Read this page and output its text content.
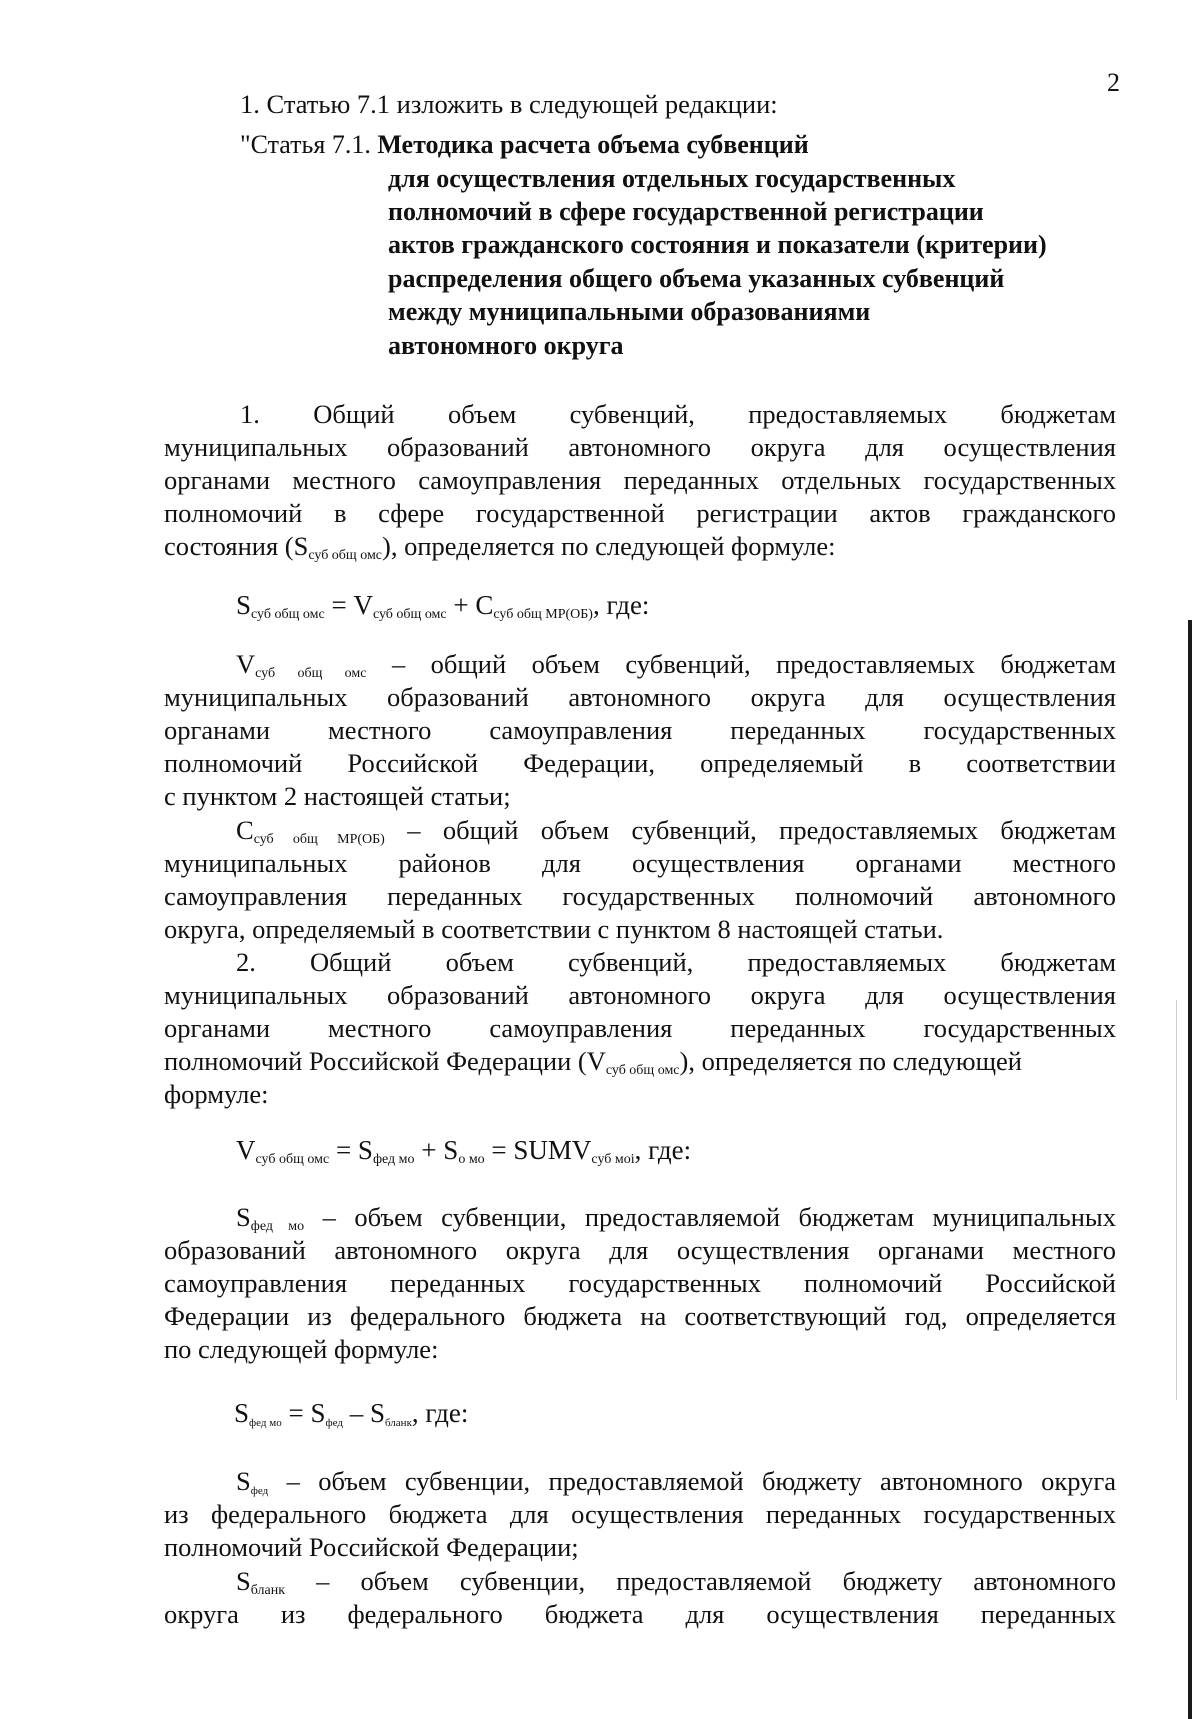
2
1. Статью 7.1 изложить в следующей редакции:
"Статья 7.1. Методика расчета объема субвенций
для осуществления отдельных государственных
полномочий в сфере государственной регистрации
актов гражданского состояния и показатели (критерии)
распределения общего объема указанных субвенций
между муниципальными образованиями
автономного округа
1. Общий объем субвенций, предоставляемых бюджетам
муниципальных образований автономного округа для осуществления
органами местного самоуправления переданных отдельных государственных
полномочий в сфере государственной регистрации актов гражданского
состояния $(S_{суб общ омс})$, определяется по следующей формуле:
$S_{суб общ омс} = V_{суб общ омс} + C_{суб общ МР(ОБ)}$, где:
$V_{суб общ омс}$ – общий объем субвенций, предоставляемых бюджетам
муниципальных образований автономного округа для осуществления
органами местного самоуправления переданных государственных
полномочий Российской Федерации, определяемый в соответствии
с пунктом 2 настоящей статьи;
$C_{суб общ МР(ОБ)}$ – общий объем субвенций, предоставляемых бюджетам
муниципальных районов для осуществления органами местного
самоуправления переданных государственных полномочий автономного
округа, определяемый в соответствии с пунктом 8 настоящей статьи.
2. Общий объем субвенций, предоставляемых бюджетам
муниципальных образований автономного округа для осуществления
органами местного самоуправления переданных государственных
полномочий Российской Федерации $(V_{суб общ омс})$, определяется по следующей
формуле:
$V_{суб общ омс} = S_{фед мо} + S_{о мо}$ = $SUMV_{суб моi}$, где:
$S_{фед мо}$ – объем субвенции, предоставляемой бюджетам муниципальных
образований автономного округа для осуществления органами местного
самоуправления переданных государственных полномочий Российской
Федерации из федерального бюджета на соответствующий год, определяется
по следующей формуле:
$S_{фед мо} = S_{фед} - S_{бланк}$, где:
$S_{фед}$ – объем субвенции, предоставляемой бюджету автономного округа
из федерального бюджета для осуществления переданных государственных
полномочий Российской Федерации;
$S_{бланк}$ – объем субвенции, предоставляемой бюджету автономного
округа из федерального бюджета для осуществления переданных
